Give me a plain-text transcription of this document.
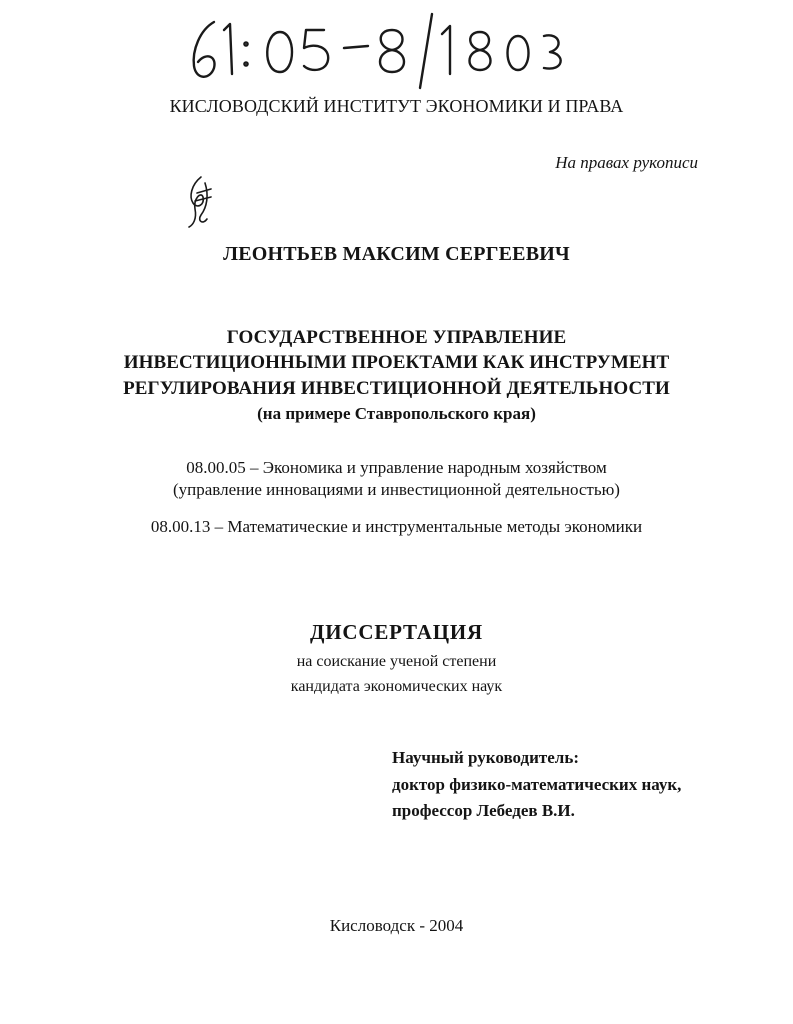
КИСЛОВОДСКИЙ ИНСТИТУТ ЭКОНОМИКИ И ПРАВА
На правах рукописи
ЛЕОНТЬЕВ МАКСИМ СЕРГЕЕВИЧ
ГОСУДАРСТВЕННОЕ УПРАВЛЕНИЕ
ИНВЕСТИЦИОННЫМИ ПРОЕКТАМИ КАК ИНСТРУМЕНТ
РЕГУЛИРОВАНИЯ ИНВЕСТИЦИОННОЙ ДЕЯТЕЛЬНОСТИ
(на примере Ставропольского края)
08.00.05 – Экономика и управление народным хозяйством
(управление инновациями и инвестиционной деятельностью)
08.00.13 – Математические и инструментальные методы экономики
ДИССЕРТАЦИЯ
на соискание ученой степени
кандидата экономических наук
Научный руководитель:
доктор физико-математических наук,
профессор Лебедев В.И.
Кисловодск - 2004
